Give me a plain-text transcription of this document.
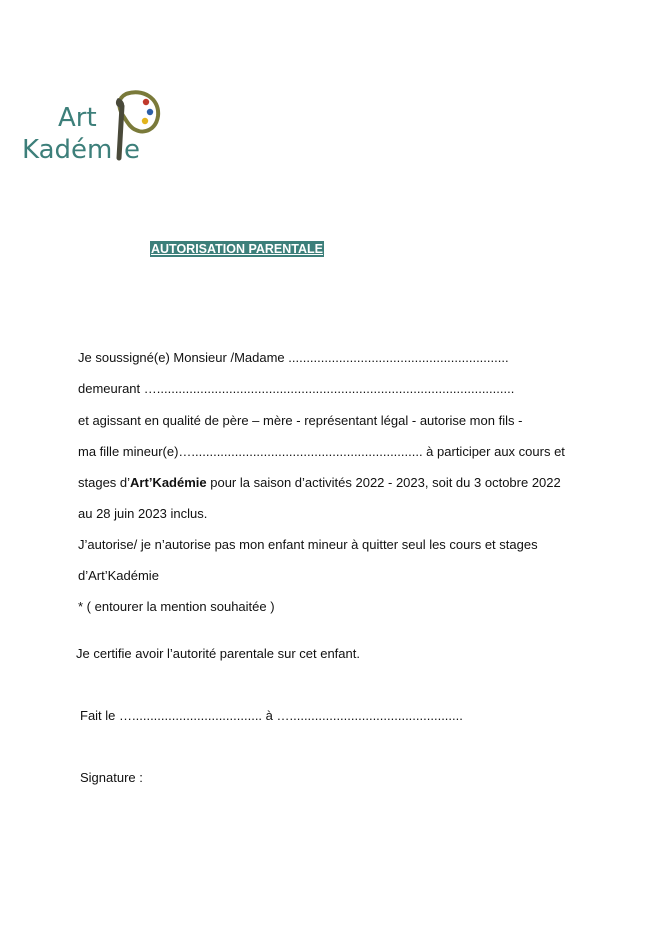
Art
Kadém e
AUTORISATION PARENTALE
Je soussigné(e) Monsieur /Madame .............................................................
demeurant …...................................................................................................
et agissant en qualité de père – mère - représentant légal - autorise mon fils -
ma fille mineur(e)…................................................................ à participer aux cours et
stages d’Art’Kadémie pour la saison d’activités 2022 - 2023, soit du 3 octobre 2022
au 28 juin 2023 inclus.
J’autorise/ je n’autorise pas mon enfant mineur à quitter seul les cours et stages
d’Art’Kadémie
* ( entourer la mention souhaitée )
Je certifie avoir l’autorité parentale sur cet enfant.
Fait le ….................................... à …................................................
Signature :
